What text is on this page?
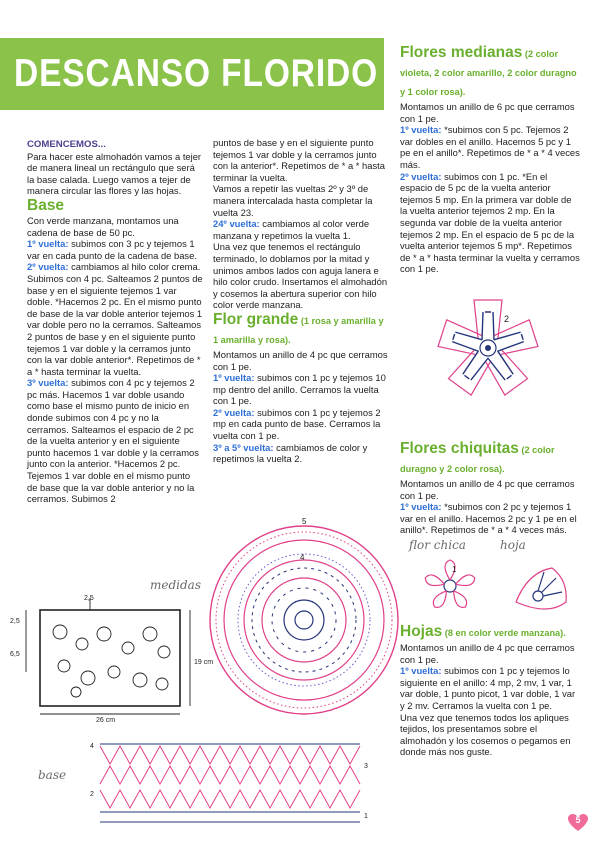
DESCANSO FLORIDO

COMENCEMOS...

Para hacer este almohadón vamos a tejer de manera lineal un rectángulo que será la base calada. Luego vamos a tejer de manera circular las flores y las hojas.

Base

Con verde manzana, montamos una cadena de base de 50 pc.

1º vuelta: subimos con 3 pc y tejemos 1 var en cada punto de la cadena de base.

2º vuelta: cambiamos al hilo color crema. Subimos con 4 pc. Salteamos 2 puntos de base y en el siguiente tejemos 1 var doble. *Hacemos 2 pc. En el mismo punto de base de la var doble anterior tejemos 1 var doble pero no la cerramos. Salteamos 2 puntos de base y en el siguiente punto tejemos 1 var doble y la cerramos junto con la var doble anterior*. Repetimos de * a * hasta terminar la vuelta.

3º vuelta: subimos con 4 pc y tejemos 2 pc más. Hacemos 1 var doble usando como base el mismo punto de inicio en donde subimos con 4 pc y no la cerramos. Salteamos el espacio de 2 pc de la vuelta anterior y en el siguiente punto hacemos 1 var doble y la cerramos junto con la anterior. *Hacemos 2 pc. Tejemos 1 var doble en el mismo punto de base que la var doble anterior y no la cerramos. Subimos 2

puntos de base y en el siguiente punto tejemos 1 var doble y la cerramos junto con la anterior*. Repetimos de * a * hasta terminar la vuelta.

Vamos a repetir las vueltas 2º y 3º de manera intercalada hasta completar la vuelta 23.

24º vuelta: cambiamos al color verde manzana y repetimos la vuelta 1.

Una vez que tenemos el rectángulo terminado, lo doblamos por la mitad y unimos ambos lados con aguja lanera e hilo color crudo. Insertamos el almohadón y cosemos la abertura superior con hilo color verde manzana.

Flor grande (1 rosa y amarilla y 1 amarilla y rosa).

Montamos un anillo de 4 pc que cerramos con 1 pe.

1º vuelta: subimos con 1 pc y tejemos 10 mp dentro del anillo. Cerramos la vuelta con 1 pe.

2º vuelta: subimos con 1 pc y tejemos 2 mp en cada punto de base. Cerramos la vuelta con 1 pe.

3º a 5º vuelta: cambiamos de color y repetimos la vuelta 2.

Flores medianas (2 color violeta, 2 color amarillo, 2 color duragno y 1 color rosa).

Montamos un anillo de 6 pc que cerramos con 1 pe.

1º vuelta: *subimos con 5 pc. Tejemos 2 var dobles en el anillo. Hacemos 5 pc y 1 pe en el anillo*. Repetimos de * a * 4 veces más.

2º vuelta: subimos con 1 pc. *En el espacio de 5 pc de la vuelta anterior tejemos 5 mp. En la primera var doble de la vuelta anterior tejemos 2 mp. En la segunda var doble de la vuelta anterior tejemos 2 mp. En el espacio de 5 pc de la vuelta anterior tejemos 5 mp*. Repetimos de * a * hasta terminar la vuelta y cerramos con 1 pe.

Flores chiquitas (2 color duragno y 2 color rosa).

Montamos un anillo de 4 pc que cerramos con 1 pe.

1º vuelta: *subimos con 2 pc y tejemos 1 var en el anillo. Hacemos 2 pc y 1 pe en el anillo*. Repetimos de * a * 4 veces más.

Hojas (8 en color verde manzana).

Montamos un anillo de 4 pc que cerramos con 1 pe.

1º vuelta: subimos con 1 pc y tejemos lo siguiente en el anillo: 4 mp, 2 mv, 1 var, 1 var doble, 1 punto picot, 1 var doble, 1 var y 2 mv. Cerramos la vuelta con 1 pe.

Una vez que tenemos todos los apliques tejidos, los presentamos sobre el almohadón y los cosemos o pegamos en donde más nos guste.

2
flor chica	hoja
1
5
4
medidas
2,5
2,5
6,5
19 cm
26 cm
base
4
3
2
1	5
